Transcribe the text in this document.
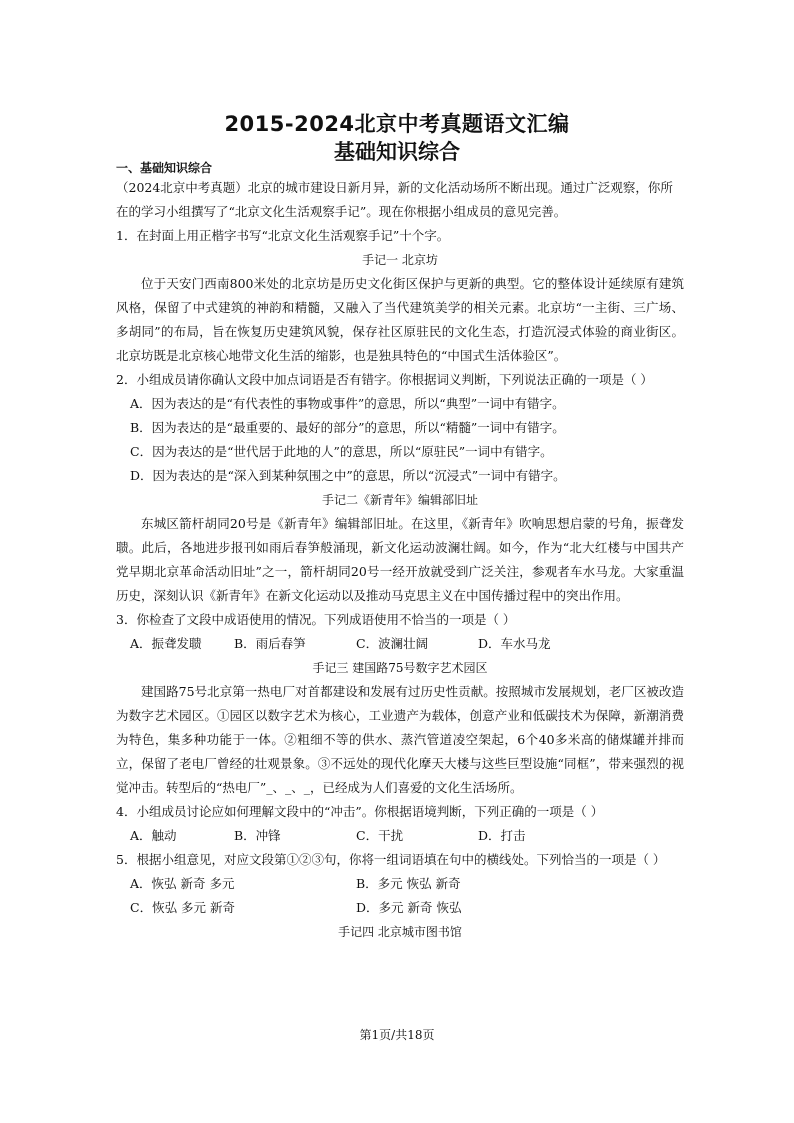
2015-2024北京中考真题语文汇编
基础知识综合

一、基础知识综合

（2024北京中考真题）北京的城市建设日新月异，新的文化活动场所不断出现。通过广泛观察，你所在的学习小组撰写了“北京文化生活观察手记”。现在你根据小组成员的意见完善。

1．在封面上用正楷字书写“北京文化生活观察手记”十个字。

手记一 北京坊

位于天安门西南800米处的北京坊是历史文化街区保护与更新的典型。它的整体设计延续原有建筑风格，保留了中式建筑的神韵和精髓，又融入了当代建筑美学的相关元素。北京坊“一主街、三广场、多胡同”的布局，旨在恢复历史建筑风貌，保存社区原驻民的文化生态，打造沉浸式体验的商业街区。北京坊既是北京核心地带文化生活的缩影，也是独具特色的“中国式生活体验区”。

2．小组成员请你确认文段中加点词语是否有错字。你根据词义判断，下列说法正确的一项是（ ）

A．因为表达的是“有代表性的事物或事件”的意思，所以“典型”一词中有错字。

B．因为表达的是“最重要的、最好的部分”的意思，所以“精髓”一词中有错字。

C．因为表达的是“世代居于此地的人”的意思，所以“原驻民”一词中有错字。

D．因为表达的是“深入到某种氛围之中”的意思，所以“沉浸式”一词中有错字。

手记二《新青年》编辑部旧址

东城区箭杆胡同20号是《新青年》编辑部旧址。在这里，《新青年》吹响思想启蒙的号角，振聋发聩。此后，各地进步报刊如雨后春笋般涌现，新文化运动波澜壮阔。如今，作为“北大红楼与中国共产党早期北京革命活动旧址”之一，箭杆胡同20号一经开放就受到广泛关注，参观者车水马龙。大家重温历史，深刻认识《新青年》在新文化运动以及推动马克思主义在中国传播过程中的突出作用。

3．你检查了文段中成语使用的情况。下列成语使用不恰当的一项是（ ）

A．振聋发聩	B．雨后春笋	C．波澜壮阔	D．车水马龙

手记三 建国路75号数字艺术园区

建国路75号北京第一热电厂对首都建设和发展有过历史性贡献。按照城市发展规划，老厂区被改造为数字艺术园区。①园区以数字艺术为核心，工业遗产为载体，创意产业和低碳技术为保障，新潮消费为特色，集多种功能于一体。②粗细不等的供水、蒸汽管道凌空架起，6个40多米高的储煤罐并排而立，保留了老电厂曾经的壮观景象。③不远处的现代化摩天大楼与这些巨型设施“同框”，带来强烈的视觉冲击。转型后的“热电厂”_、_、_，已经成为人们喜爱的文化生活场所。

4．小组成员讨论应如何理解文段中的“冲击”。你根据语境判断，下列正确的一项是（ ）

A．触动	B．冲锋	C．干扰	D．打击

5．根据小组意见，对应文段第①②③句，你将一组词语填在句中的横线处。下列恰当的一项是（ ）

A．恢弘 新奇 多元	B．多元 恢弘 新奇
C．恢弘 多元 新奇	D．多元 新奇 恢弘

手记四 北京城市图书馆

第1页/共18页
